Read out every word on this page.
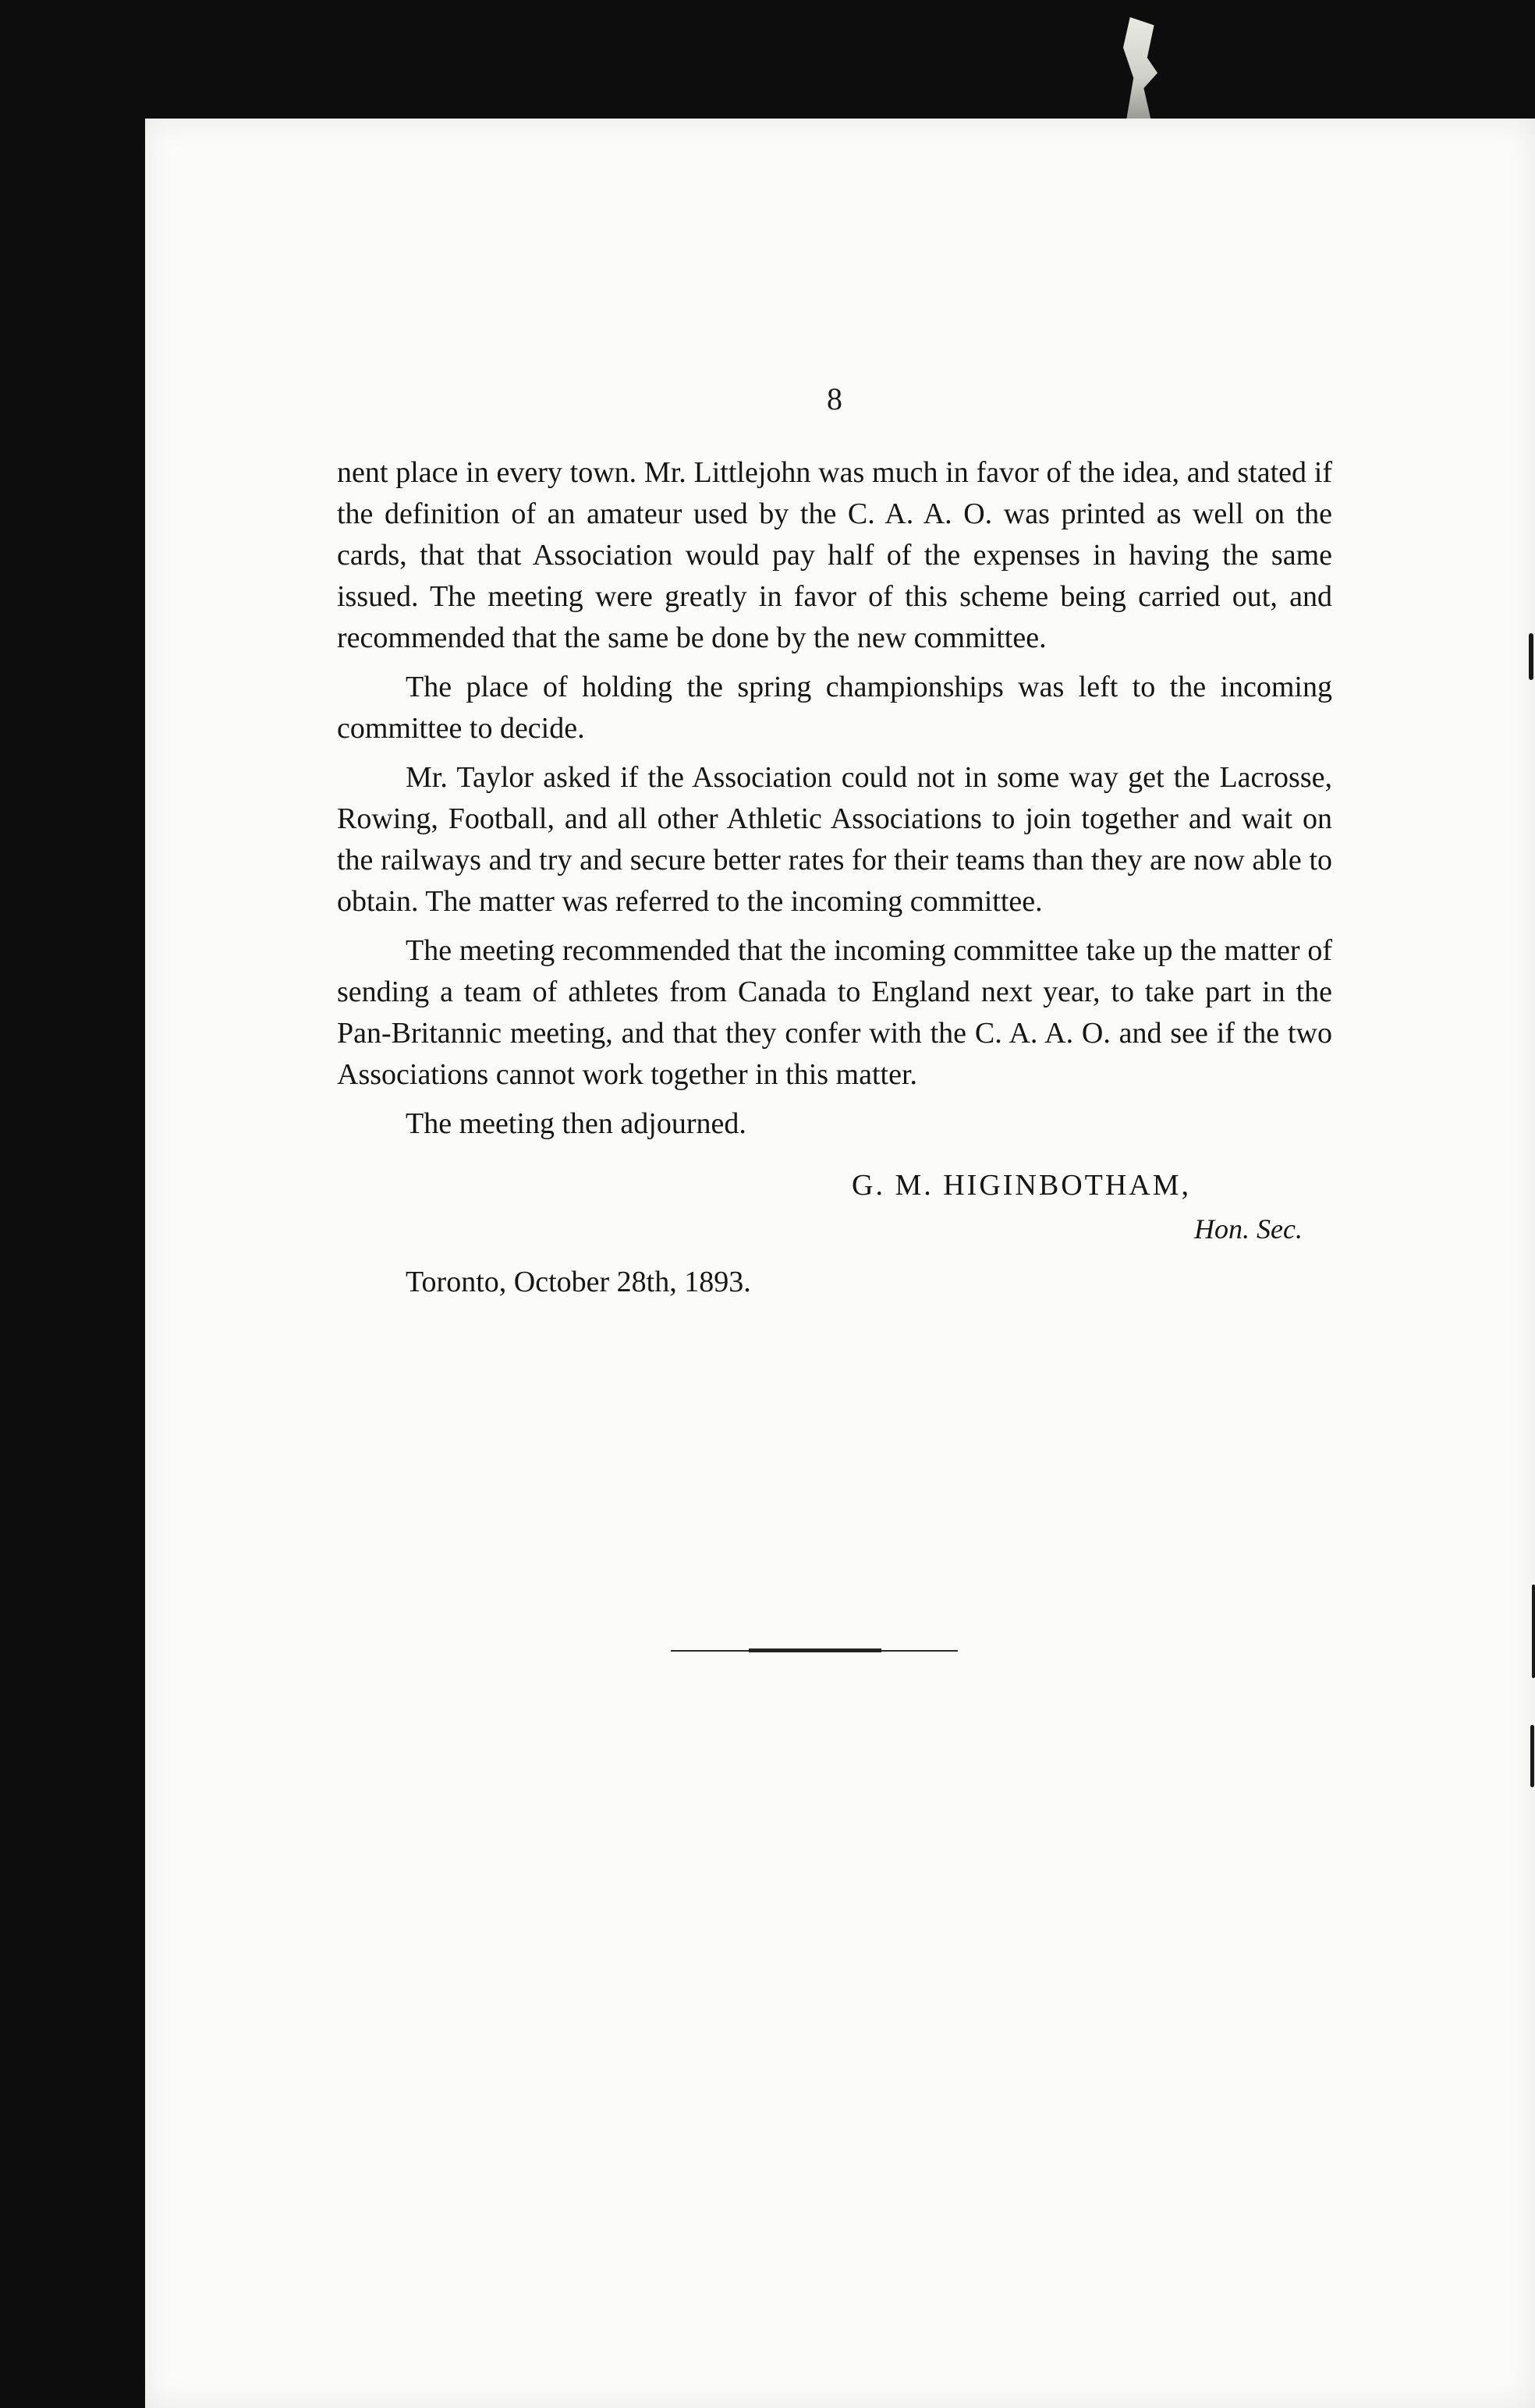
8

nent place in every town. Mr. Littlejohn was much in favor of the idea, and stated if the definition of an amateur used by the C. A. A. O. was printed as well on the cards, that that Association would pay half of the expenses in having the same issued. The meeting were greatly in favor of this scheme being carried out, and recommended that the same be done by the new committee.

The place of holding the spring championships was left to the incoming committee to decide.

Mr. Taylor asked if the Association could not in some way get the Lacrosse, Rowing, Football, and all other Athletic Associations to join together and wait on the railways and try and secure better rates for their teams than they are now able to obtain. The matter was referred to the incoming committee.

The meeting recommended that the incoming committee take up the matter of sending a team of athletes from Canada to England next year, to take part in the Pan-Britannic meeting, and that they confer with the C. A. A. O. and see if the two Associations cannot work together in this matter.

The meeting then adjourned.

G. M. HIGINBOTHAM,
Hon. Sec.

Toronto, October 28th, 1893.
